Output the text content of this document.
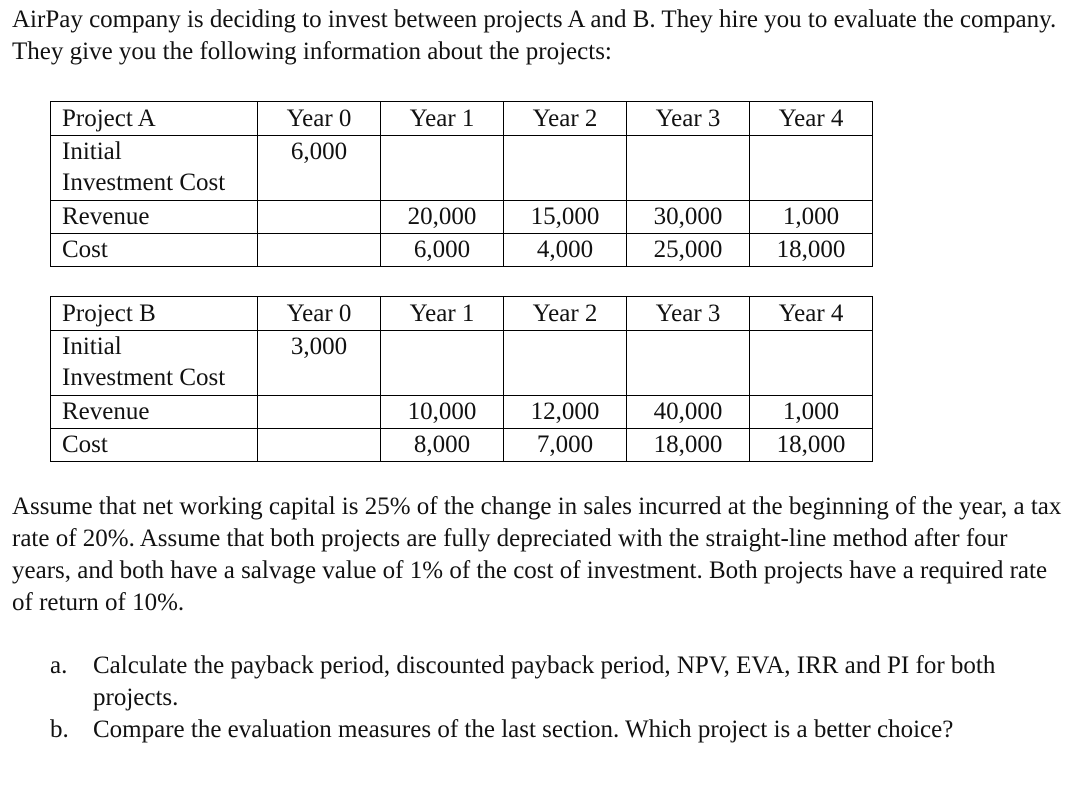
AirPay company is deciding to invest between projects A and B. They hire you to evaluate the company. They give you the following information about the projects:

Project A	Year 0	Year 1	Year 2	Year 3	Year 4
Initial
Investment Cost	6,000				
Revenue		20,000	15,000	30,000	1,000
Cost		6,000	4,000	25,000	18,000
Project B	Year 0	Year 1	Year 2	Year 3	Year 4
Initial
Investment Cost	3,000				
Revenue		10,000	12,000	40,000	1,000
Cost		8,000	7,000	18,000	18,000

Assume that net working capital is 25% of the change in sales incurred at the beginning of the year, a tax rate of 20%. Assume that both projects are fully depreciated with the straight-line method after four years, and both have a salvage value of 1% of the cost of investment. Both projects have a required rate of return of 10%.

a.	Calculate the payback period, discounted payback period, NPV, EVA, IRR and PI for both projects.
b. Compare the evaluation measures of the last section. Which project is a better choice?
